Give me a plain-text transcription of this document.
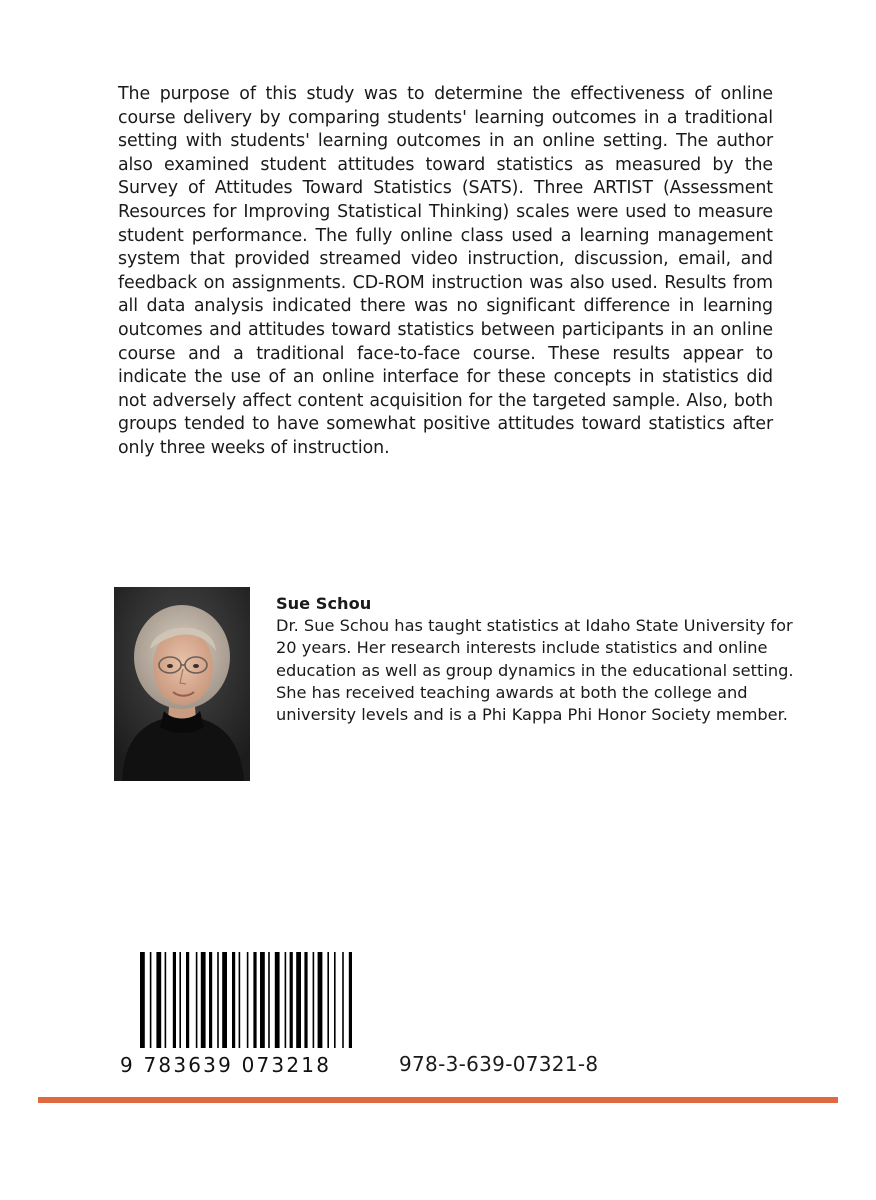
The purpose of this study was to determine the effectiveness of online course delivery by comparing students' learning outcomes in a traditional setting with students' learning outcomes in an online setting. The author also examined student attitudes toward statistics as measured by the Survey of Attitudes Toward Statistics (SATS). Three ARTIST (Assessment Resources for Improving Statistical Thinking) scales were used to measure student performance. The fully online class used a learning management system that provided streamed video instruction, discussion, email, and feedback on assignments. CD-ROM instruction was also used. Results from all data analysis indicated there was no significant difference in learning outcomes and attitudes toward statistics between participants in an online course and a traditional face-to-face course. These results appear to indicate the use of an online interface for these concepts in statistics did not adversely affect content acquisition for the targeted sample. Also, both groups tended to have somewhat positive attitudes toward statistics after only three weeks of instruction.

Sue Schou

Dr. Sue Schou has taught statistics at Idaho State University for 20 years. Her research interests include statistics and online education as well as group dynamics in the educational setting. She has received teaching awards at both the college and university levels and is a Phi Kappa Phi Honor Society member.

9 783639 073218	978-3-639-07321-8
